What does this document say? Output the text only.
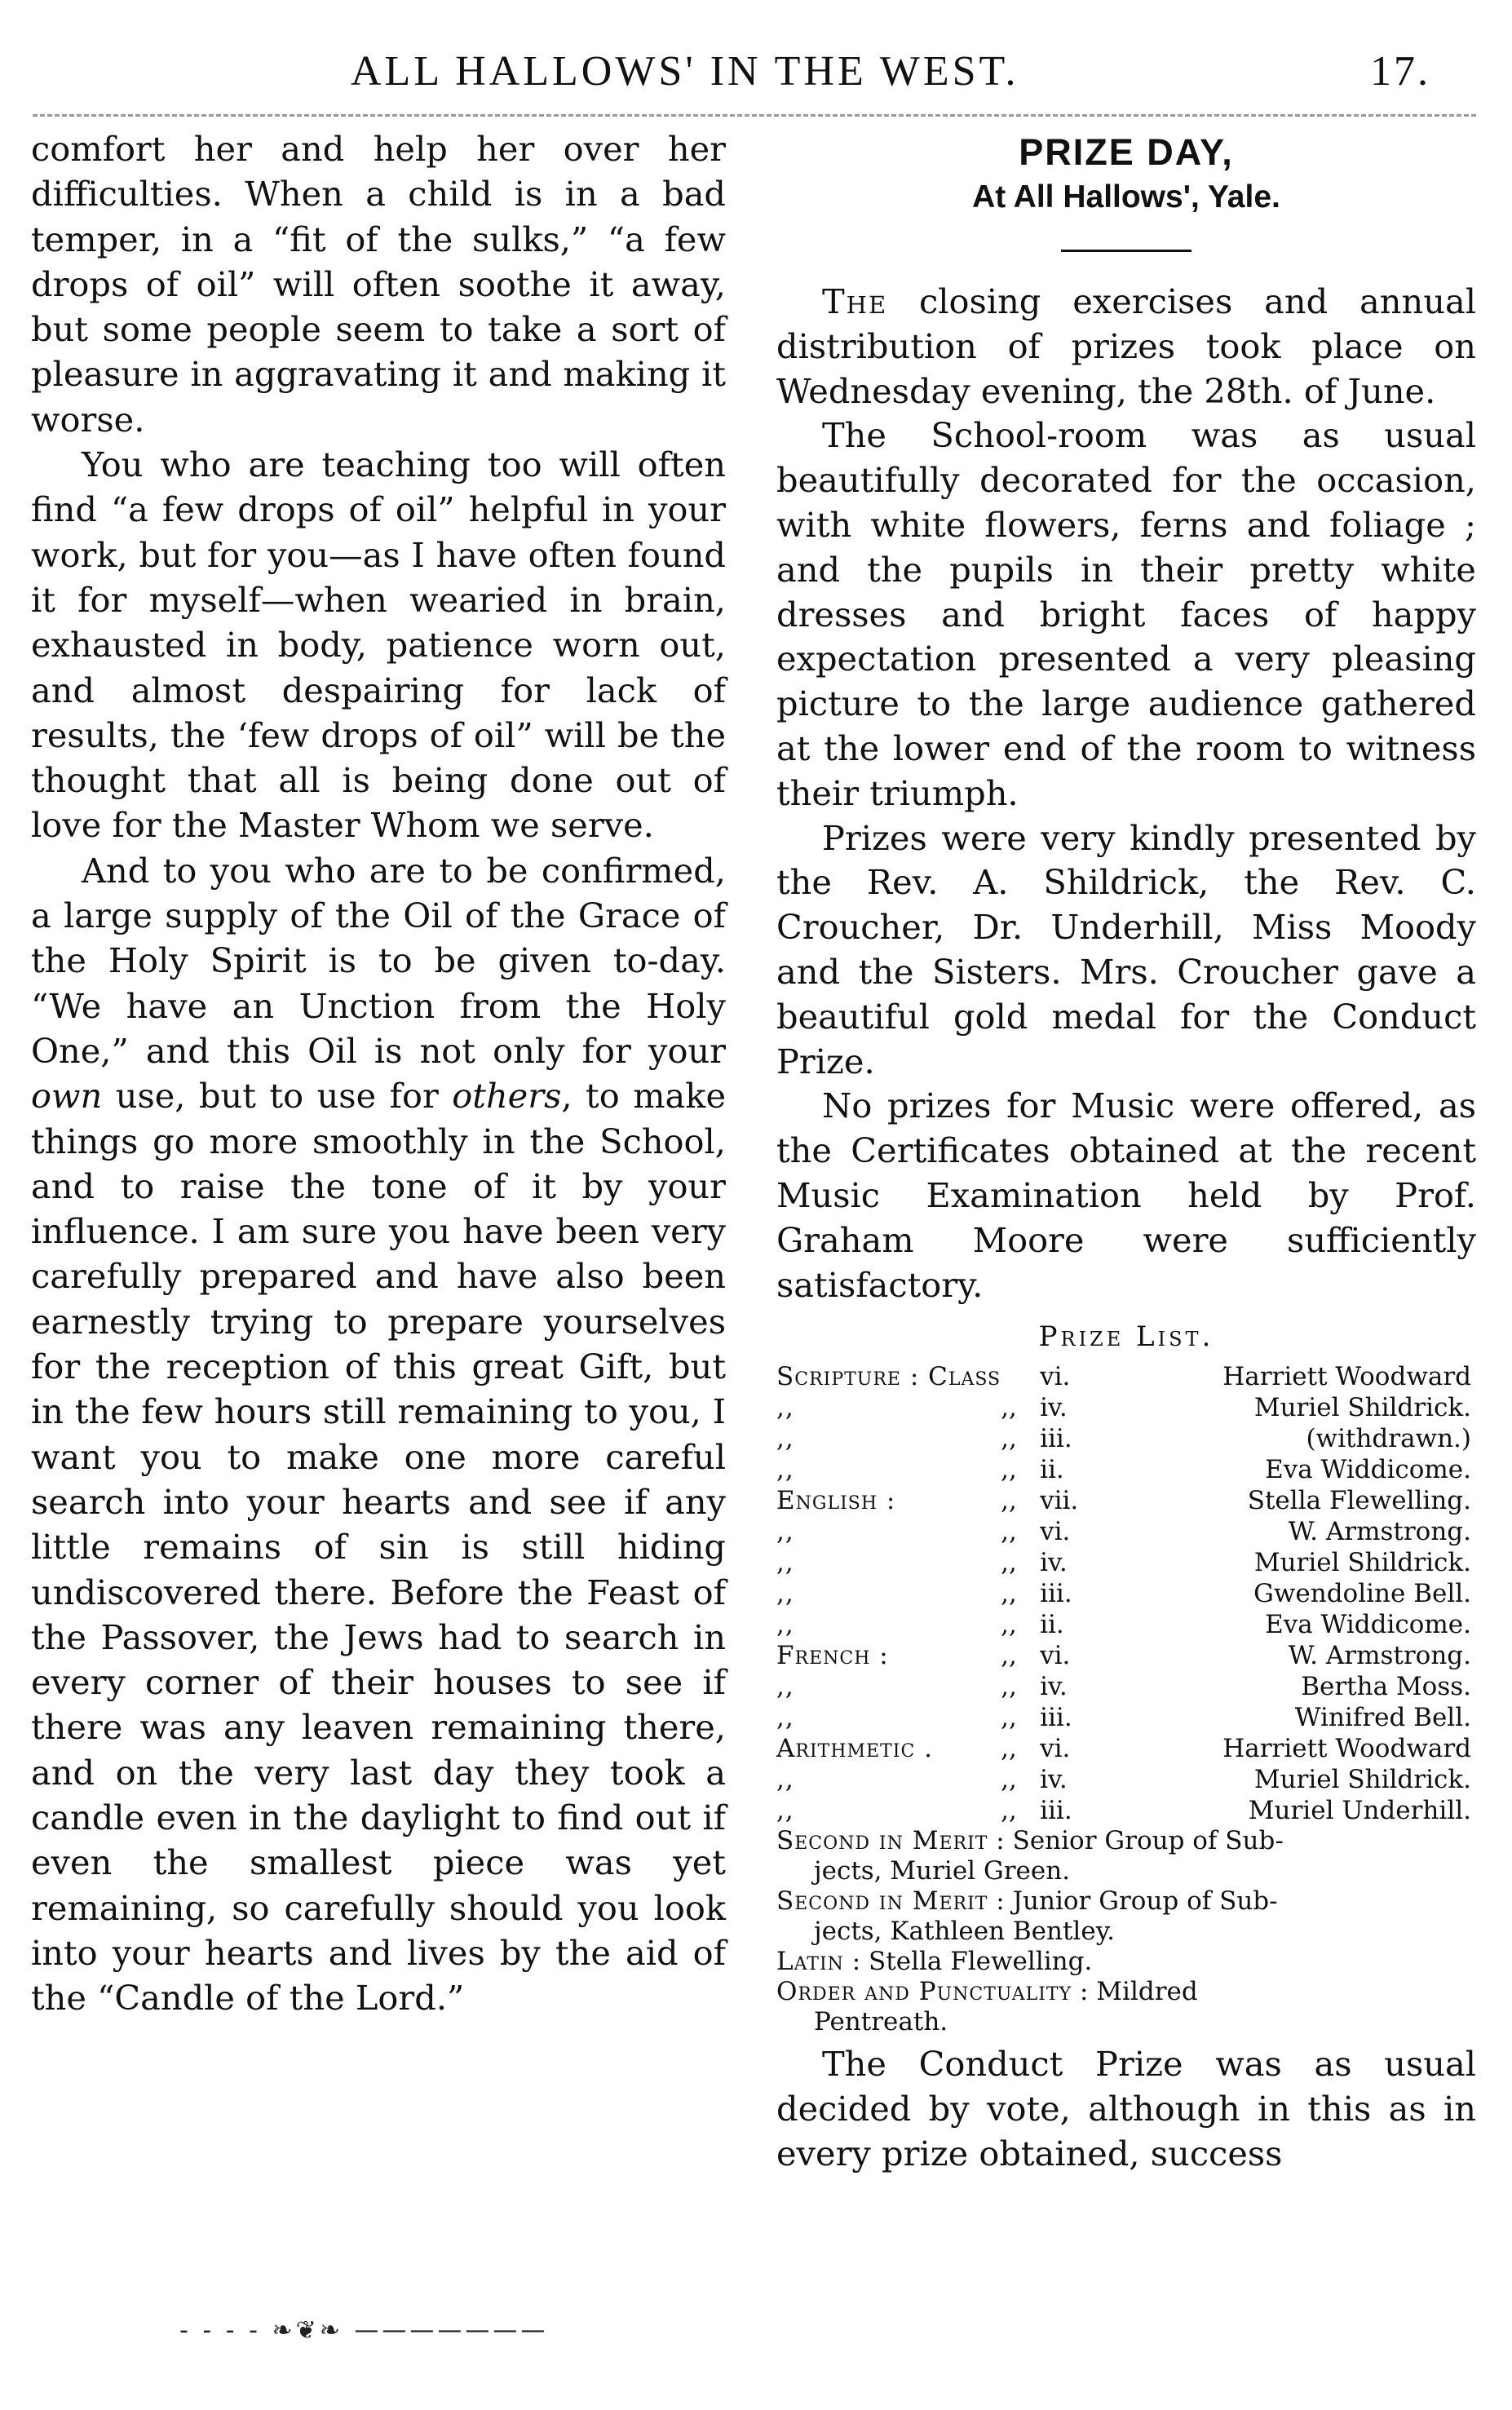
ALL HALLOWS' IN THE WEST.	17.

comfort her and help her over her difficulties. When a child is in a bad temper, in a “fit of the sulks,” “a few drops of oil” will often soothe it away, but some people seem to take a sort of pleasure in aggravating it and making it worse.

You who are teaching too will often find “a few drops of oil” helpful in your work, but for you—as I have often found it for myself—when wearied in brain, exhausted in body, patience worn out, and almost despairing for lack of results, the ‘few drops of oil” will be the thought that all is being done out of love for the Master Whom we serve.

And to you who are to be confirmed, a large supply of the Oil of the Grace of the Holy Spirit is to be given to-day. “We have an Unction from the Holy One,” and this Oil is not only for your own use, but to use for others, to make things go more smoothly in the School, and to raise the tone of it by your influence. I am sure you have been very carefully prepared and have also been earnestly trying to prepare yourselves for the reception of this great Gift, but in the few hours still remaining to you, I want you to make one more careful search into your hearts and see if any little remains of sin is still hiding undiscovered there. Before the Feast of the Passover, the Jews had to search in every corner of their houses to see if there was any leaven remaining there, and on the very last day they took a candle even in the daylight to find out if even the smallest piece was yet remaining, so carefully should you look into your hearts and lives by the aid of the “Candle of the Lord.”

- - - - ❧❦❧ ———————
PRIZE DAY,
At All Hallows', Yale.

The closing exercises and annual distribution of prizes took place on Wednesday evening, the 28th. of June.

The School-room was as usual beautifully decorated for the occasion, with white flowers, ferns and foliage ; and the pupils in their pretty white dresses and bright faces of happy expectation presented a very pleasing picture to the large audience gathered at the lower end of the room to witness their triumph.

Prizes were very kindly presented by the Rev. A. Shildrick, the Rev. C. Croucher, Dr. Underhill, Miss Moody and the Sisters. Mrs. Croucher gave a beautiful gold medal for the Conduct Prize.

No prizes for Music were offered, as the Certificates obtained at the recent Music Examination held by Prof. Graham Moore were sufficiently satisfactory.

Prize List.
Scripture : Class		vi.	Harriett Woodward
,,	,,	iv.	Muriel Shildrick.
,,	,,	iii.	(withdrawn.)
,,	,,	ii.	Eva Widdicome.
English :	,,	vii.	Stella Flewelling.
,,	,,	vi.	W. Armstrong.
,,	,,	iv.	Muriel Shildrick.
,,	,,	iii.	Gwendoline Bell.
,,	,,	ii.	Eva Widdicome.
French :	,,	vi.	W. Armstrong.
,,	,,	iv.	Bertha Moss.
,,	,,	iii.	Winifred Bell.
Arithmetic .	,,	vi.	Harriett Woodward
,,	,,	iv.	Muriel Shildrick.
,,	,,	iii.	Muriel Underhill.

Second in Merit : Senior Group of Sub-
jects, Muriel Green.

Second in Merit : Junior Group of Sub-
jects, Kathleen Bentley.

Latin : Stella Flewelling.

Order and Punctuality : Mildred
Pentreath.

The Conduct Prize was as usual decided by vote, although in this as in every prize obtained, success
